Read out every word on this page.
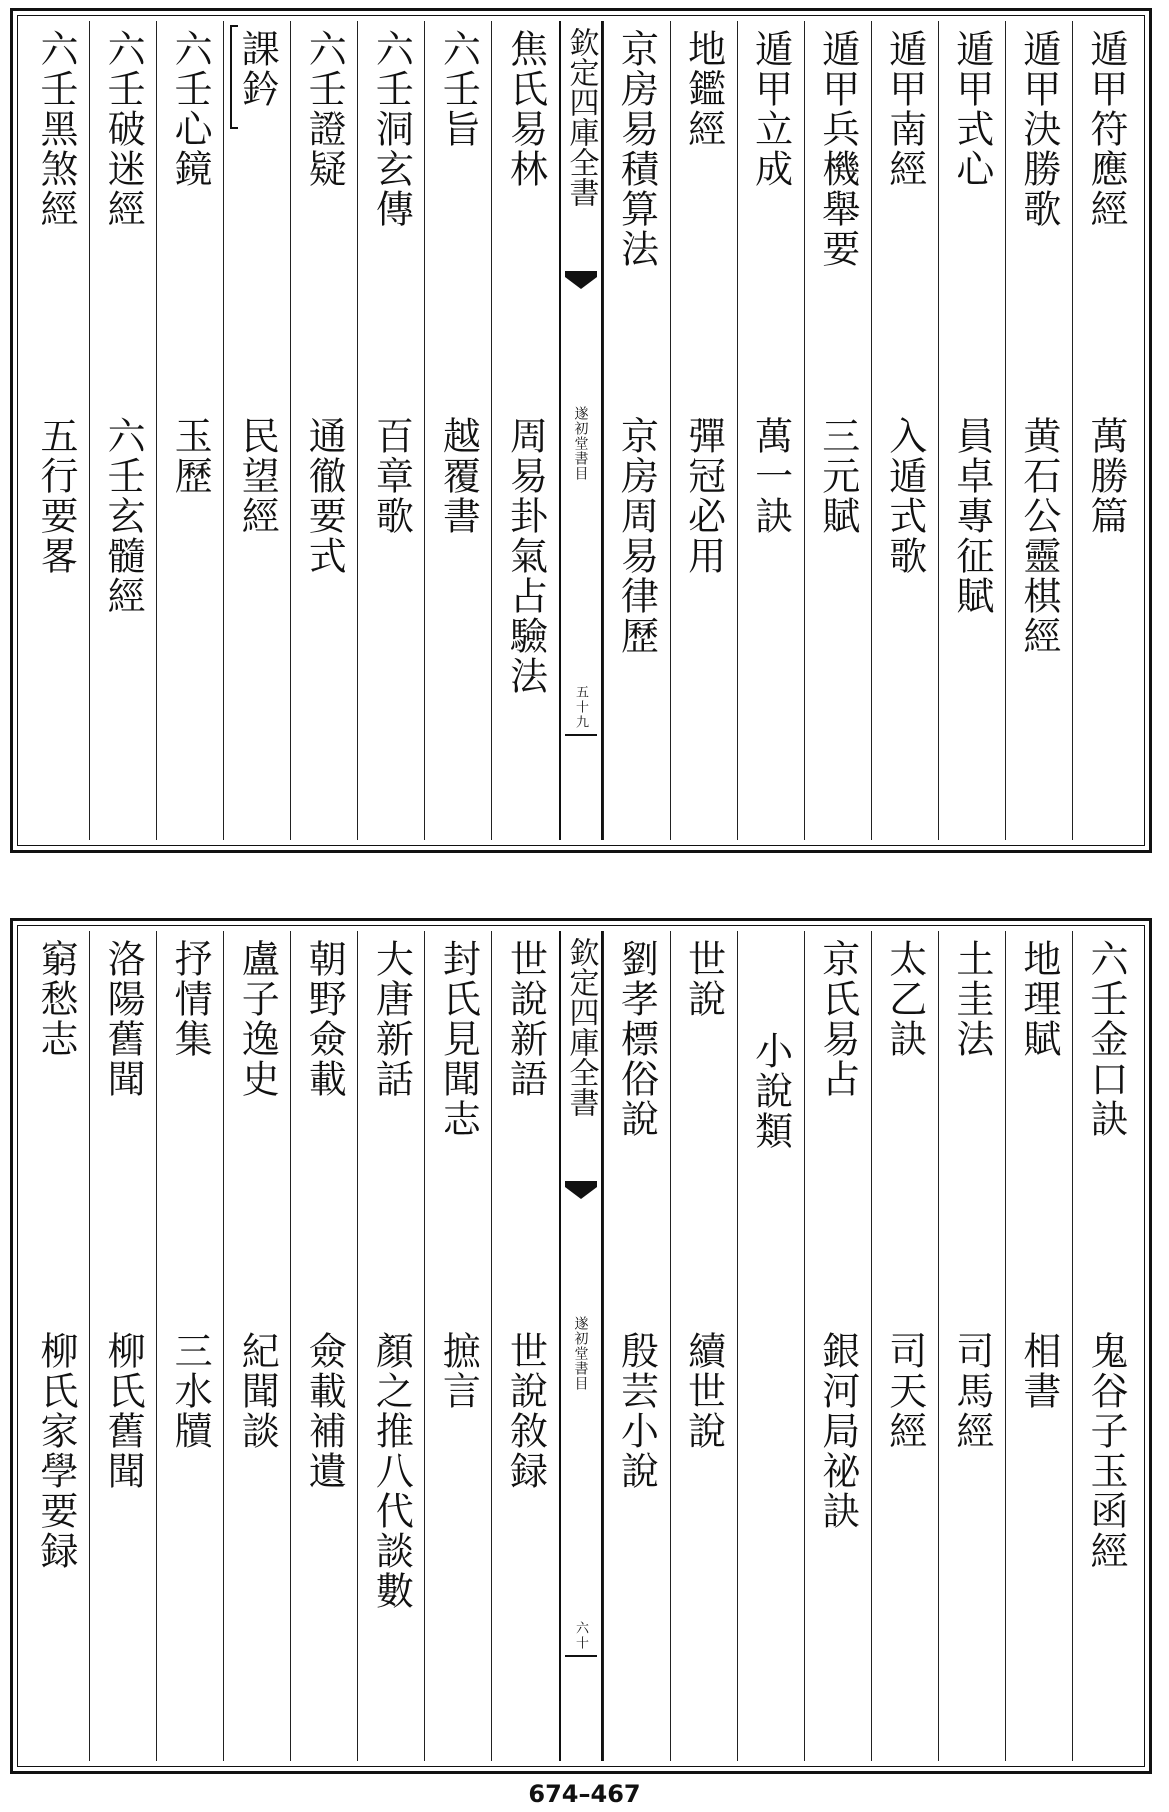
遁甲符應經
萬勝篇
遁甲決勝歌
黄石公靈棋經
遁甲式心
員卓專征賦
遁甲南經
入遁式歌
遁甲兵機舉要
三元賦
遁甲立成
萬一訣
地鑑經
彈冠必用
京房易積算法
京房周易律歷
欽定四庫全書
遂初堂書目
五十九
焦氏易林
周易卦氣占驗法
六壬旨
越覆書
六壬洞玄傳
百章歌
六壬證疑
通徹要式
課鈐
民望經
六壬心鏡
玉歷
六壬破迷經
六壬玄髓經
六壬黑煞經
五行要畧
六壬金口訣
鬼谷子玉函經
地理賦
相書
土圭法
司馬經
太乙訣
司天經
京氏易占
銀河局祕訣
小說類
世說
續世說
劉孝標俗說
殷芸小說
欽定四庫全書
遂初堂書目
六十
世說新語
世說敘録
封氏見聞志
摭言
大唐新話
顏之推八代談數
朝野僉載
僉載補遺
盧子逸史
紀聞談
抒情集
三水牘
洛陽舊聞
柳氏舊聞
窮愁志
柳氏家學要録
674–467
